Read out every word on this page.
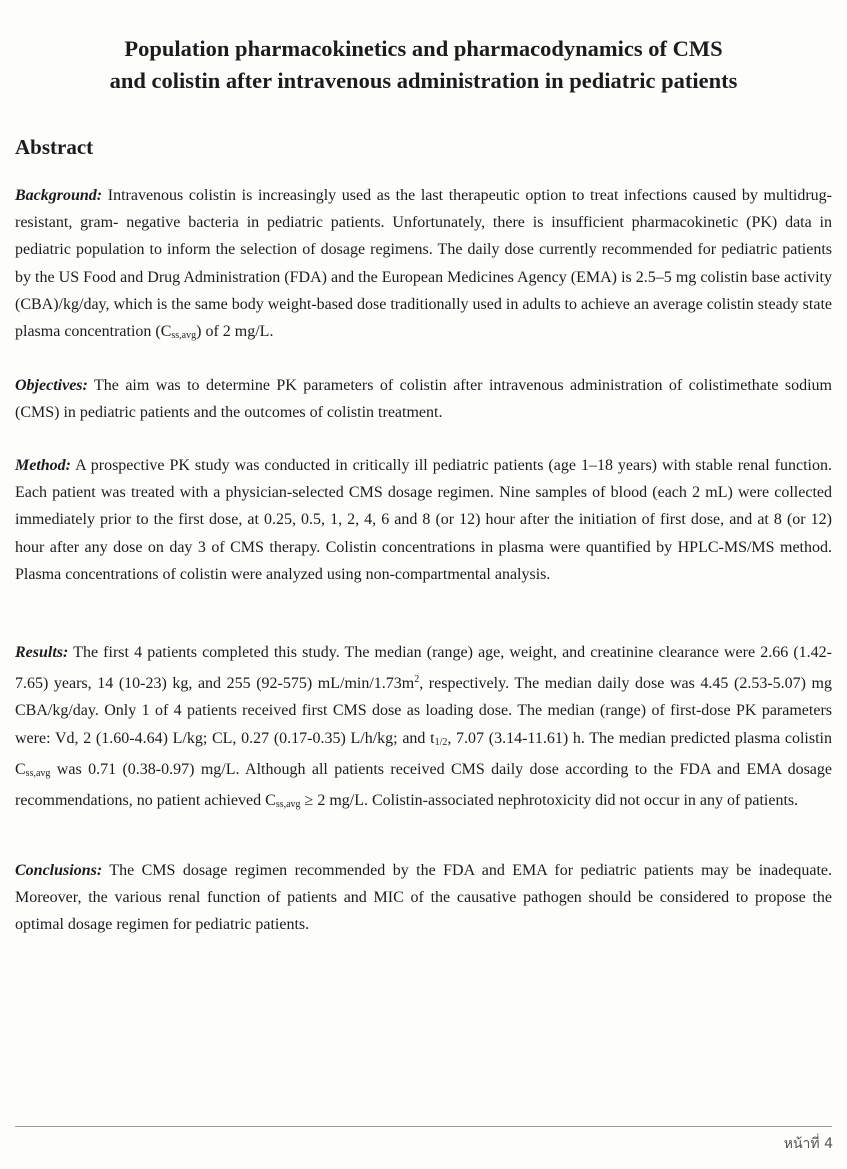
Population pharmacokinetics and pharmacodynamics of CMS
and colistin after intravenous administration in pediatric patients
Abstract

Background: Intravenous colistin is increasingly used as the last therapeutic option to treat infections caused by multidrug- resistant, gram- negative bacteria in pediatric patients. Unfortunately, there is insufficient pharmacokinetic (PK) data in pediatric population to inform the selection of dosage regimens. The daily dose currently recommended for pediatric patients by the US Food and Drug Administration (FDA) and the European Medicines Agency (EMA) is 2.5–5 mg colistin base activity (CBA)/kg/day, which is the same body weight-based dose traditionally used in adults to achieve an average colistin steady state plasma concentration $(C_{ss,avg})$ of 2 mg/L.

Objectives: The aim was to determine PK parameters of colistin after intravenous administration of colistimethate sodium (CMS) in pediatric patients and the outcomes of colistin treatment.

Method: A prospective PK study was conducted in critically ill pediatric patients (age 1–18 years) with stable renal function. Each patient was treated with a physician-selected CMS dosage regimen. Nine samples of blood (each 2 mL) were collected immediately prior to the first dose, at 0.25, 0.5, 1, 2, 4, 6 and 8 (or 12) hour after the initiation of first dose, and at 8 (or 12) hour after any dose on day 3 of CMS therapy. Colistin concentrations in plasma were quantified by HPLC-MS/MS method. Plasma concentrations of colistin were analyzed using non-compartmental analysis.

Results: The first 4 patients completed this study. The median (range) age, weight, and creatinine clearance were 2.66 (1.42-7.65) years, 14 (10-23) kg, and 255 (92-575) $mL/\min/1.73m^2$, respectively. The median daily dose was 4.45 (2.53-5.07) mg CBA/kg/day. Only 1 of 4 patients received first CMS dose as loading dose. The median (range) of first-dose PK parameters were: Vd, 2 (1.60-4.64) L/kg; CL, 0.27 (0.17-0.35) L/h/kg; and $t_{1/2}$, 7.07 (3.14-11.61) h. The median predicted plasma colistin $C_{ss,avg}$ was 0.71 (0.38-0.97) mg/L. Although all patients received CMS daily dose according to the FDA and EMA dosage recommendations, no patient achieved $C_{ss,avg} \ge 2$ mg/L. Colistin-associated nephrotoxicity did not occur in any of patients.

Conclusions: The CMS dosage regimen recommended by the FDA and EMA for pediatric patients may be inadequate. Moreover, the various renal function of patients and MIC of the causative pathogen should be considered to propose the optimal dosage regimen for pediatric patients.

หน้าที่ 4
